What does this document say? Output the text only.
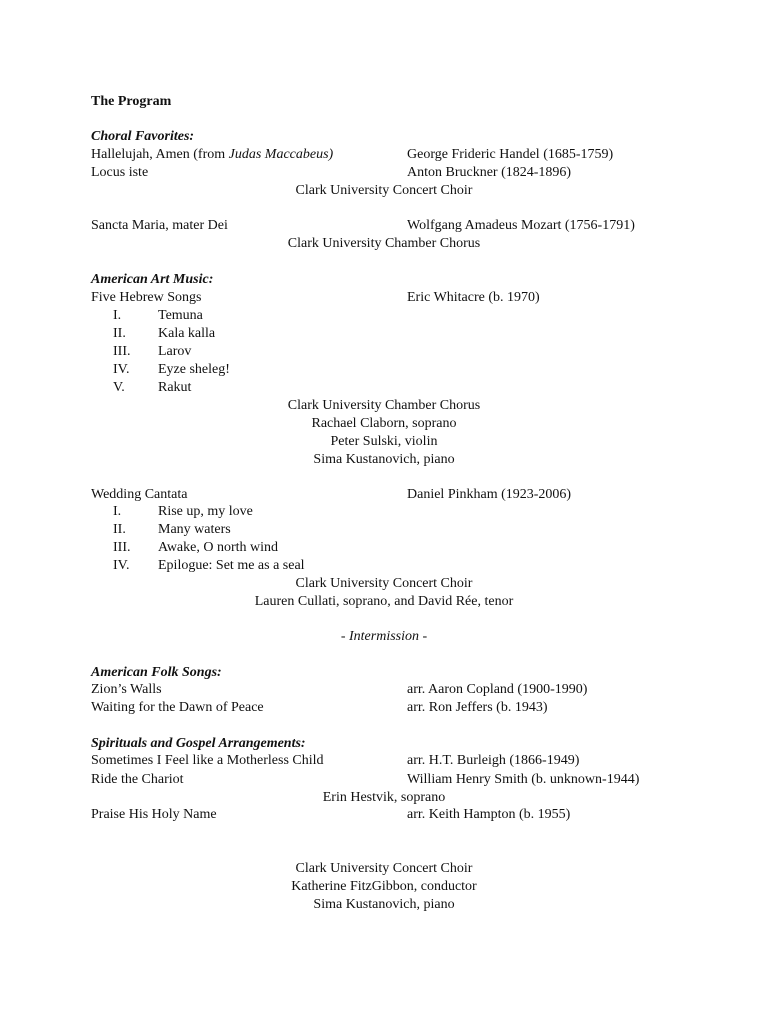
The Program
Choral Favorites:
Hallelujah, Amen (from Judas Maccabeus)	George Frideric Handel (1685-1759)
Locus iste	Anton Bruckner (1824-1896)
Clark University Concert Choir
Sancta Maria, mater Dei	Wolfgang Amadeus Mozart (1756-1791)
Clark University Chamber Chorus
American Art Music:
Five Hebrew Songs	Eric Whitacre (b. 1970)
I.	Temuna
II. Kala kalla
III. Larov
IV. Eyze sheleg!
V. Rakut
Clark University Chamber Chorus
Rachael Claborn, soprano
Peter Sulski, violin
Sima Kustanovich, piano
Wedding Cantata	Daniel Pinkham (1923-2006)
I.	Rise up, my love
II. Many waters
III. Awake, O north wind
IV. Epilogue: Set me as a seal
Clark University Concert Choir
Lauren Cullati, soprano, and David Rée, tenor
- Intermission -
American Folk Songs:
Zion’s Walls	arr. Aaron Copland (1900-1990)
Waiting for the Dawn of Peace	arr. Ron Jeffers (b. 1943)
Spirituals and Gospel Arrangements:
Sometimes I Feel like a Motherless Child	arr. H.T. Burleigh (1866-1949)
Ride the Chariot	William Henry Smith (b. unknown-1944)
Erin Hestvik, soprano
Praise His Holy Name	arr. Keith Hampton (b. 1955)
Clark University Concert Choir
Katherine FitzGibbon, conductor
Sima Kustanovich, piano
